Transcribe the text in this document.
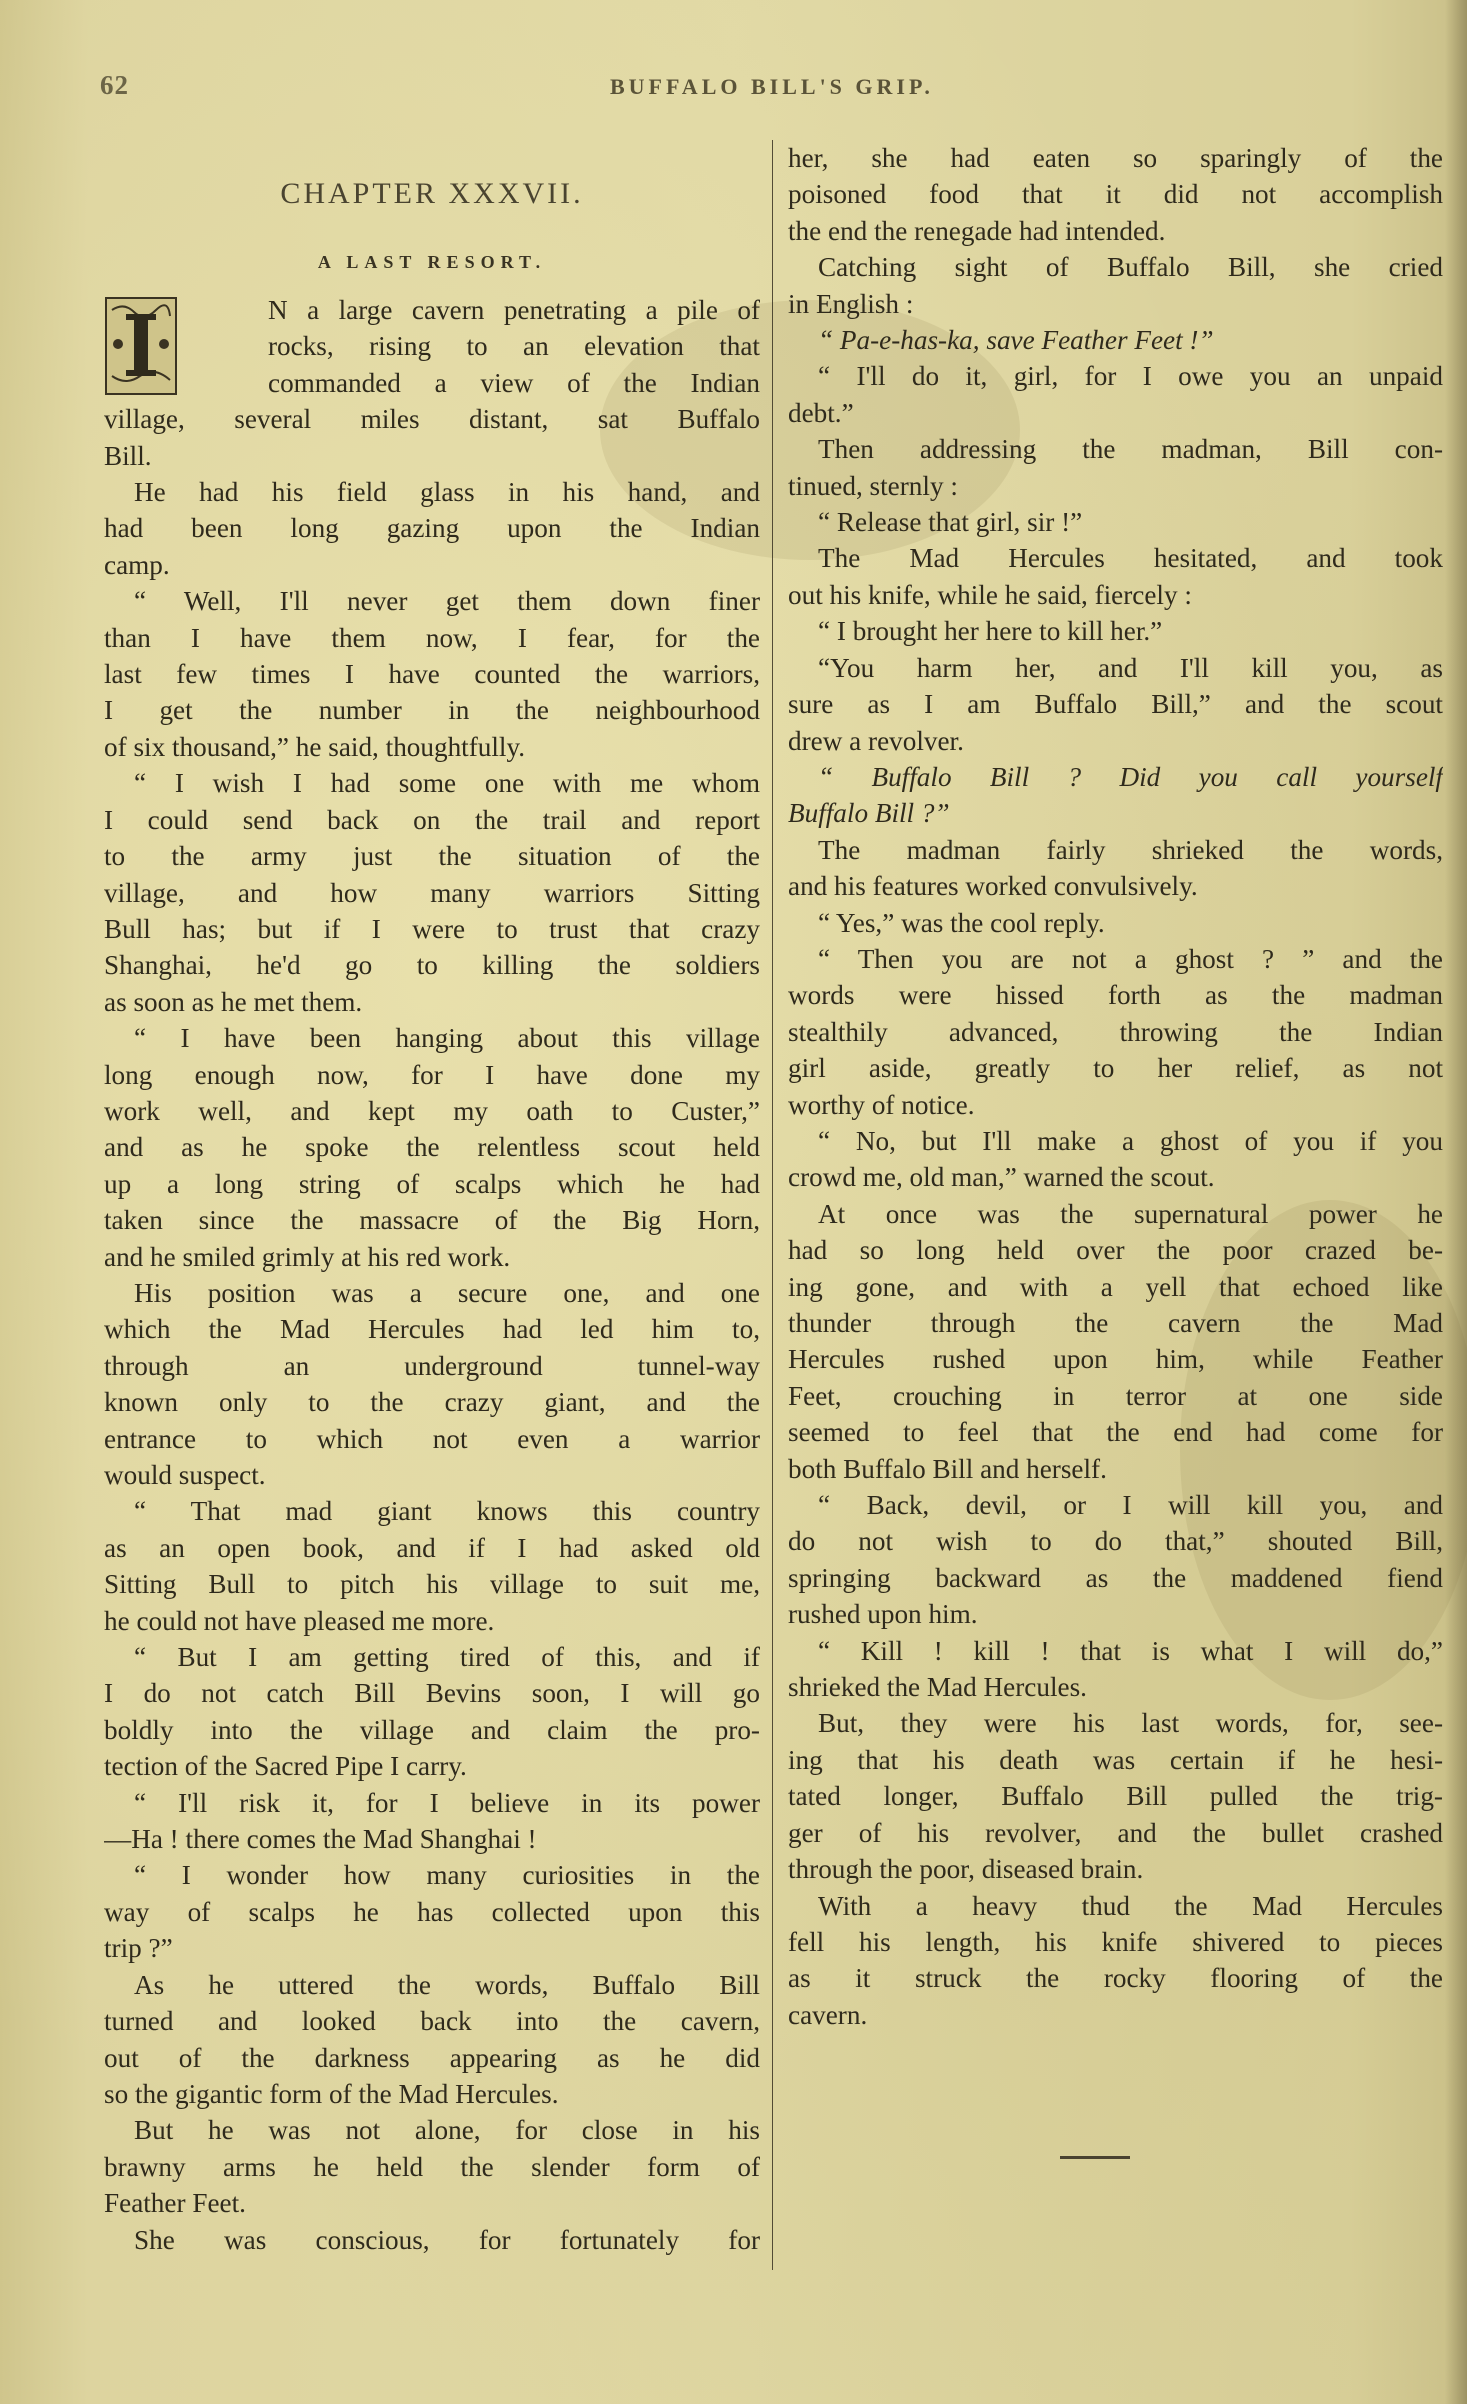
62	BUFFALO BILL'S GRIP.
CHAPTER XXXVII.
A LAST RESORT.

N a large cavern penetrating a pile of

rocks, rising to an elevation that

commanded a view of the Indian

village, several miles distant, sat Buffalo

Bill.

He had his field glass in his hand, and

had been long gazing upon the Indian

camp.

“ Well, I'll never get them down finer

than I have them now, I fear, for the

last few times I have counted the warriors,

I get the number in the neighbourhood

of six thousand,” he said, thoughtfully.

“ I wish I had some one with me whom

I could send back on the trail and report

to the army just the situation of the

village, and how many warriors Sitting

Bull has; but if I were to trust that crazy

Shanghai, he'd go to killing the soldiers

as soon as he met them.

“ I have been hanging about this village

long enough now, for I have done my

work well, and kept my oath to Custer,”

and as he spoke the relentless scout held

up a long string of scalps which he had

taken since the massacre of the Big Horn,

and he smiled grimly at his red work.

His position was a secure one, and one

which the Mad Hercules had led him to,

through an underground tunnel-way

known only to the crazy giant, and the

entrance to which not even a warrior

would suspect.

“ That mad giant knows this country

as an open book, and if I had asked old

Sitting Bull to pitch his village to suit me,

he could not have pleased me more.

“ But I am getting tired of this, and if

I do not catch Bill Bevins soon, I will go

boldly into the village and claim the pro-

tection of the Sacred Pipe I carry.

“ I'll risk it, for I believe in its power

—Ha ! there comes the Mad Shanghai !

“ I wonder how many curiosities in the

way of scalps he has collected upon this

trip ?”

As he uttered the words, Buffalo Bill

turned and looked back into the cavern,

out of the darkness appearing as he did

so the gigantic form of the Mad Hercules.

But he was not alone, for close in his

brawny arms he held the slender form of

Feather Feet.

She was conscious, for fortunately for

her, she had eaten so sparingly of the

poisoned food that it did not accomplish

the end the renegade had intended.

Catching sight of Buffalo Bill, she cried

in English :

“ Pa-e-has-ka, save Feather Feet !”

“ I'll do it, girl, for I owe you an unpaid

debt.”

Then addressing the madman, Bill con-

tinued, sternly :

“ Release that girl, sir !”

The Mad Hercules hesitated, and took

out his knife, while he said, fiercely :

“ I brought her here to kill her.”

“You harm her, and I'll kill you, as

sure as I am Buffalo Bill,” and the scout

drew a revolver.

“ Buffalo Bill ? Did you call yourself

Buffalo Bill ?”

The madman fairly shrieked the words,

and his features worked convulsively.

“ Yes,” was the cool reply.

“ Then you are not a ghost ? ” and the

words were hissed forth as the madman

stealthily advanced, throwing the Indian

girl aside, greatly to her relief, as not

worthy of notice.

“ No, but I'll make a ghost of you if you

crowd me, old man,” warned the scout.

At once was the supernatural power he

had so long held over the poor crazed be-

ing gone, and with a yell that echoed like

thunder through the cavern the Mad

Hercules rushed upon him, while Feather

Feet, crouching in terror at one side

seemed to feel that the end had come for

both Buffalo Bill and herself.

“ Back, devil, or I will kill you, and

do not wish to do that,” shouted Bill,

springing backward as the maddened fiend

rushed upon him.

“ Kill ! kill ! that is what I will do,”

shrieked the Mad Hercules.

But, they were his last words, for, see-

ing that his death was certain if he hesi-

tated longer, Buffalo Bill pulled the trig-

ger of his revolver, and the bullet crashed

through the poor, diseased brain.

With a heavy thud the Mad Hercules

fell his length, his knife shivered to pieces

as it struck the rocky flooring of the

cavern.
